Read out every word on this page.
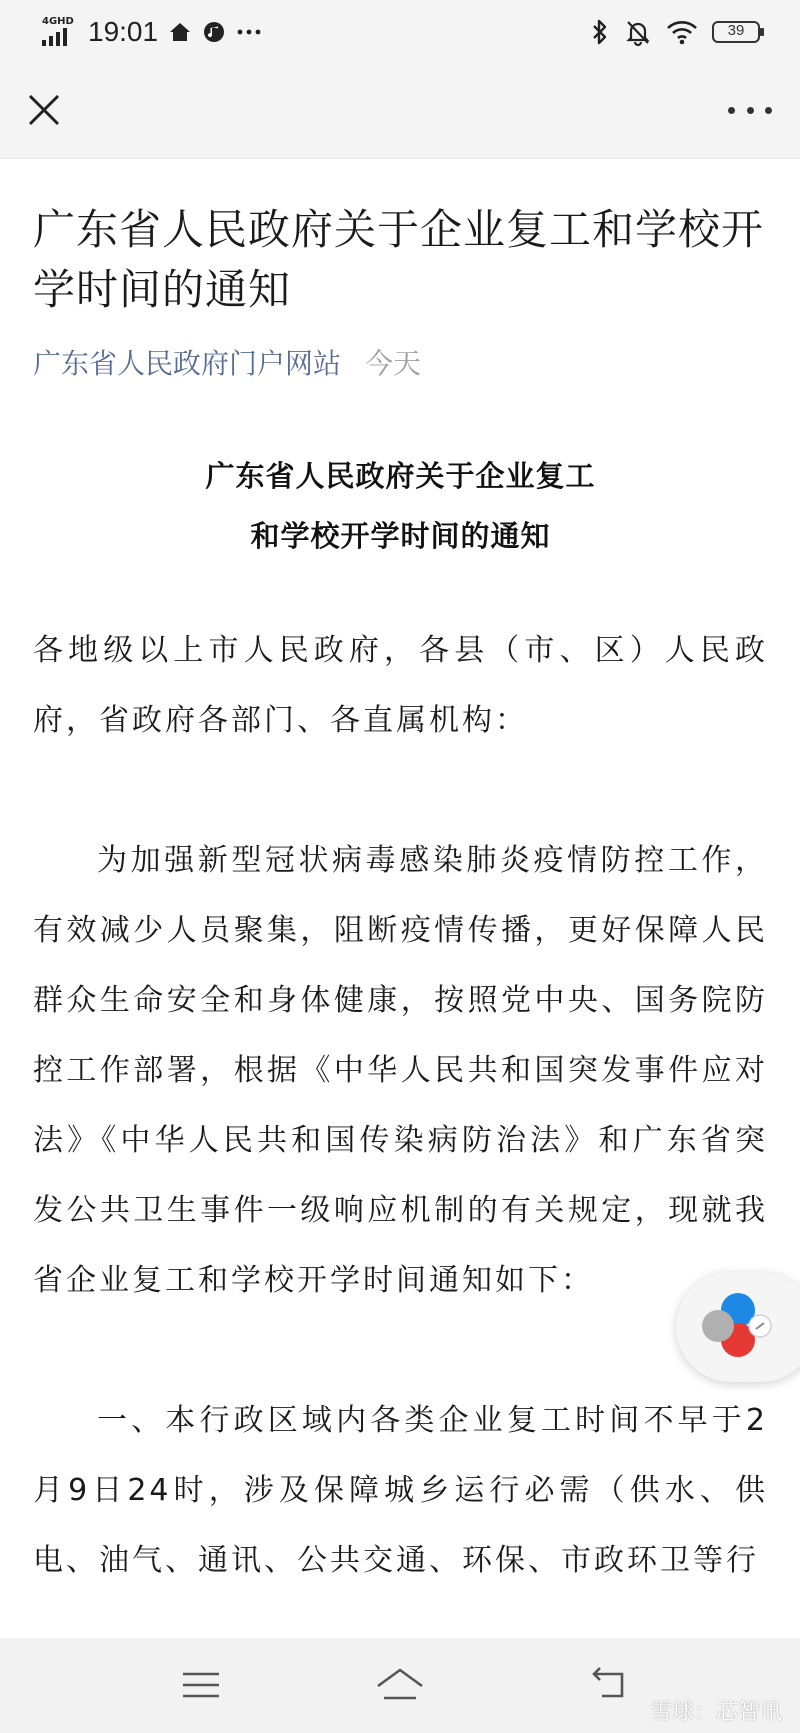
4GHD 19:01	39
广东省人民政府关于企业复工和学校开学时间的通知
广东省人民政府门户网站 今天
广东省人民政府关于企业复工
和学校开学时间的通知

各地级以上市人民政府，各县（市、区）人民政府，省政府各部门、各直属机构：

为加强新型冠状病毒感染肺炎疫情防控工作，有效减少人员聚集，阻断疫情传播，更好保障人民群众生命安全和身体健康，按照党中央、国务院防控工作部署，根据《中华人民共和国突发事件应对法》《中华人民共和国传染病防治法》和广东省突发公共卫生事件一级响应机制的有关规定，现就我省企业复工和学校开学时间通知如下：

一、本行政区域内各类企业复工时间不早于2月9日24时，涉及保障城乡运行必需（供水、供电、油气、通讯、公共交通、环保、市政环卫等行

雪球：芯智讯
